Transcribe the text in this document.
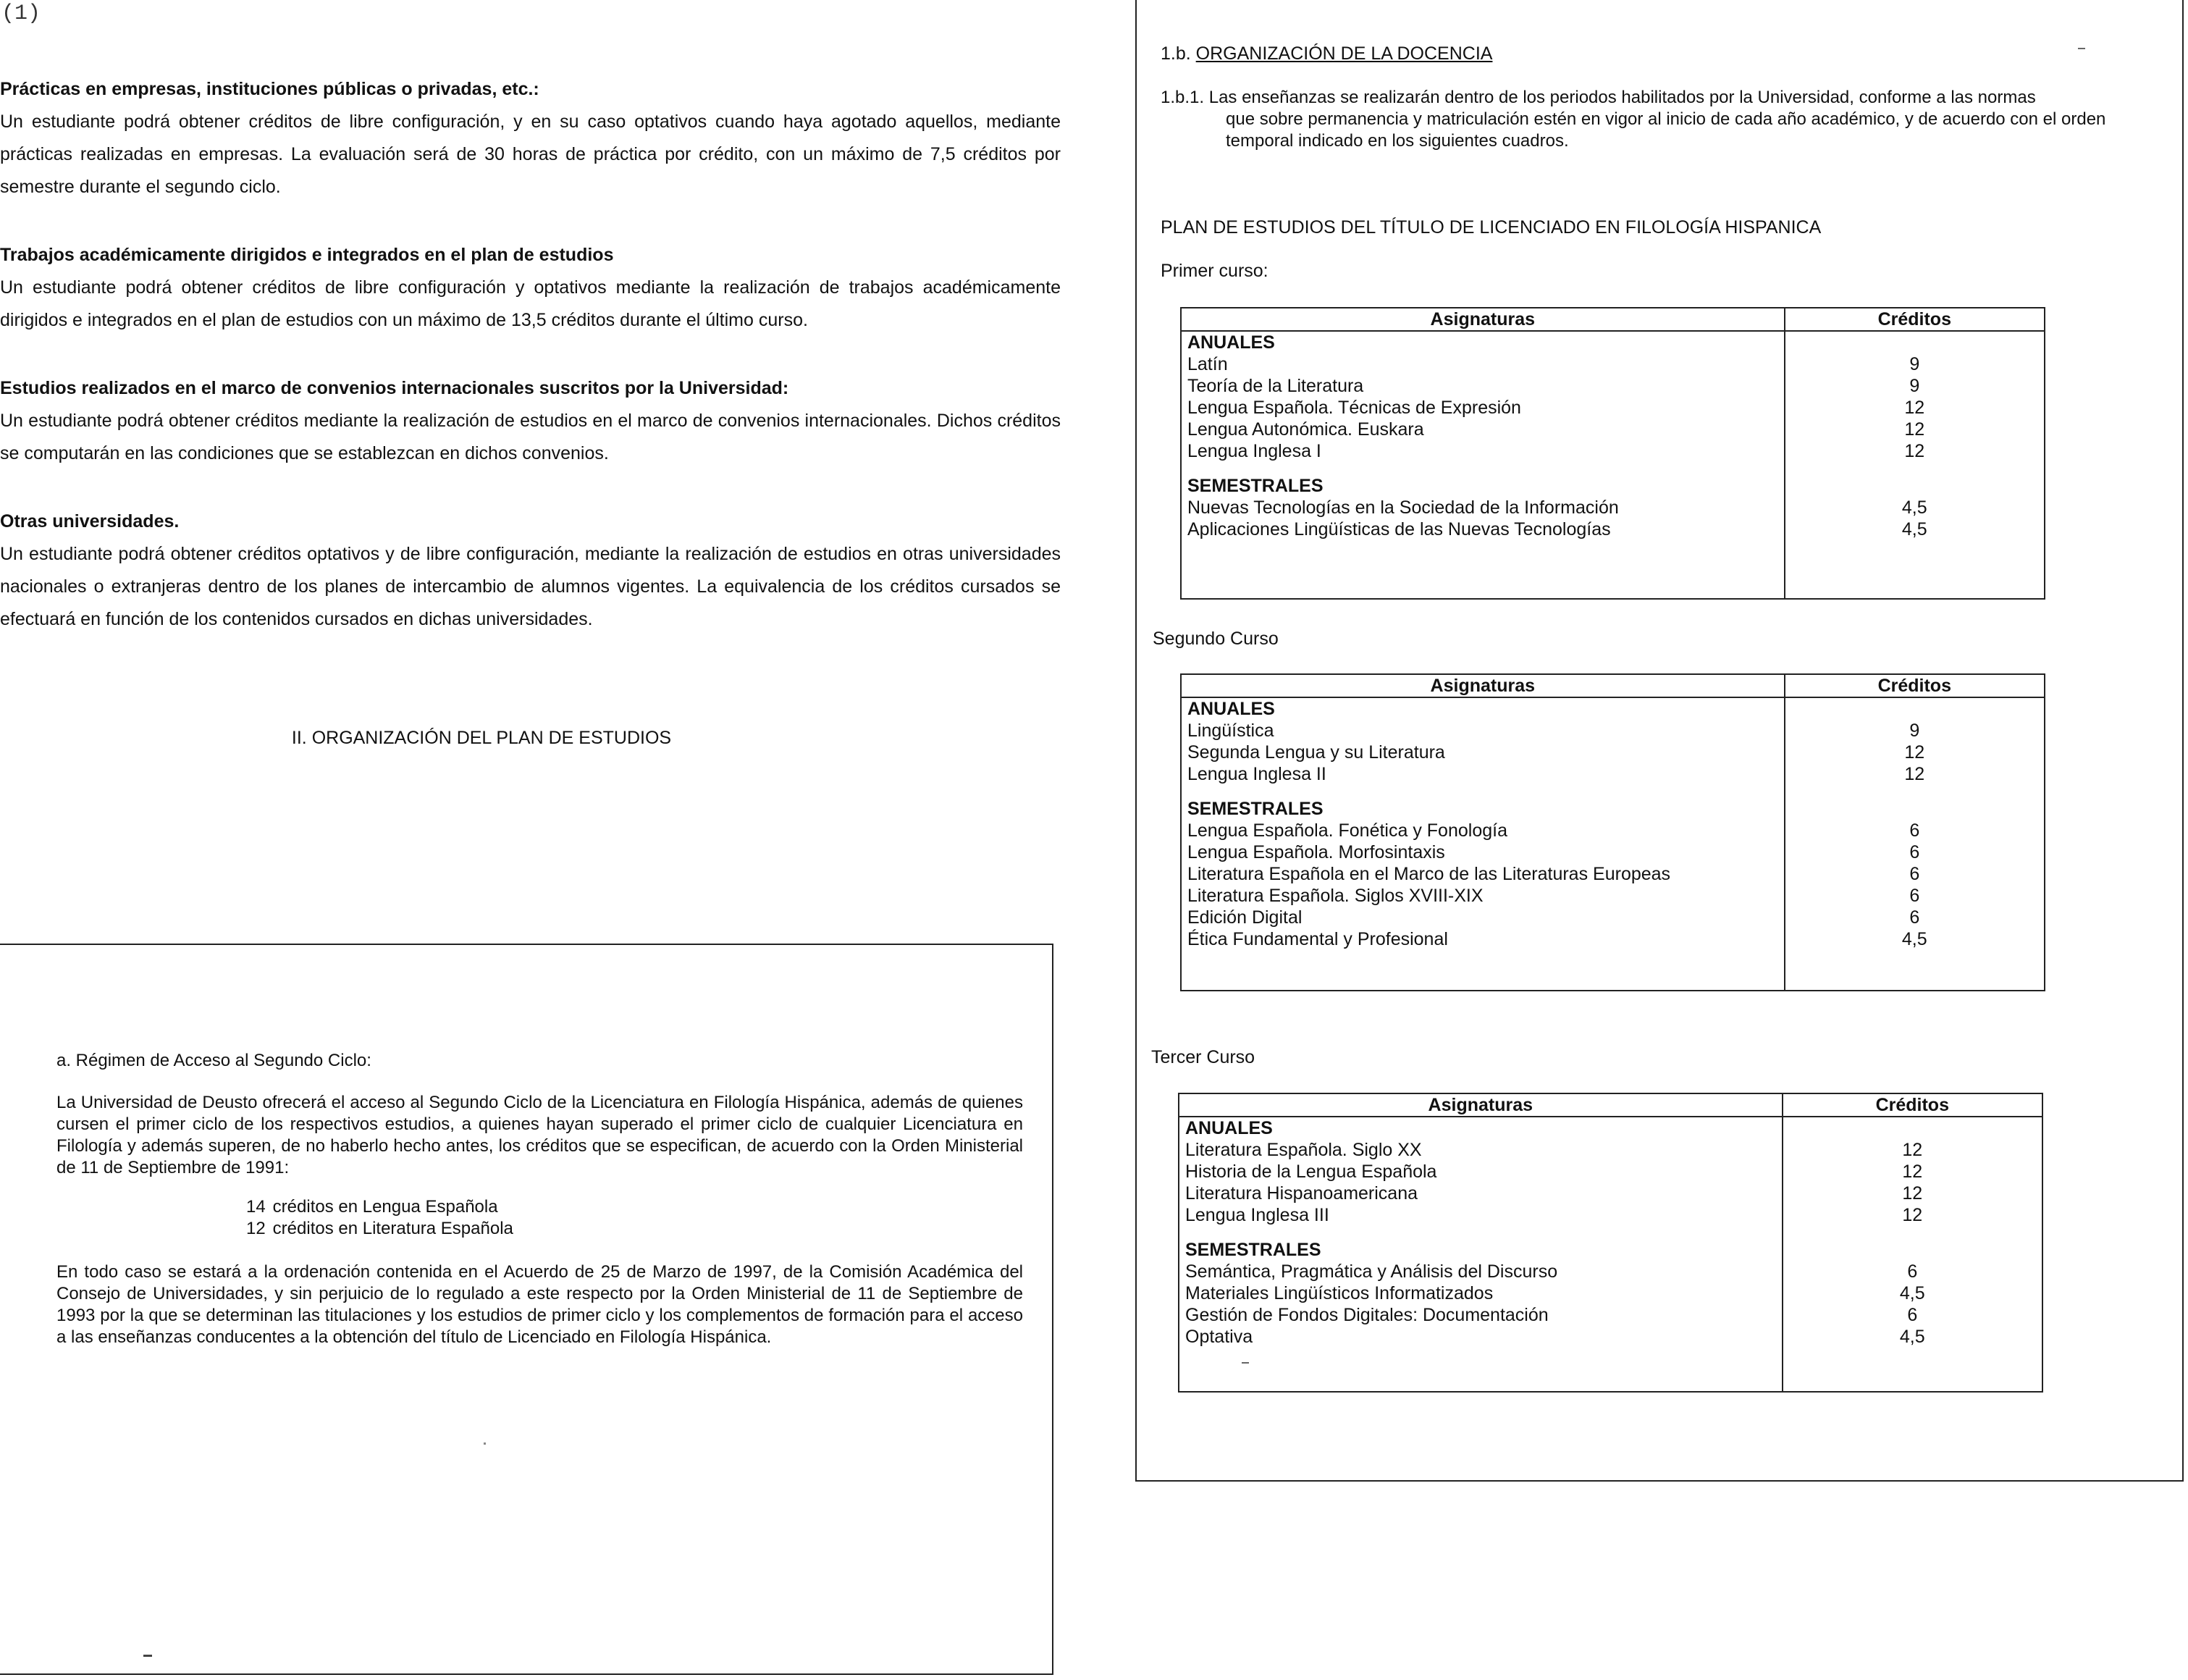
(1)

Prácticas en empresas, instituciones públicas o privadas, etc.:

Un estudiante podrá obtener créditos de libre configuración, y en su caso optativos cuando haya agotado aquellos, mediante prácticas realizadas en empresas. La evaluación será de 30 horas de práctica por crédito, con un máximo de 7,5 créditos por semestre durante el segundo ciclo.

Trabajos académicamente dirigidos e integrados en el plan de estudios

Un estudiante podrá obtener créditos de libre configuración y optativos mediante la realización de trabajos académicamente dirigidos e integrados en el plan de estudios con un máximo de 13,5 créditos durante el último curso.

Estudios realizados en el marco de convenios internacionales suscritos por la Universidad:

Un estudiante podrá obtener créditos mediante la realización de estudios en el marco de convenios internacionales. Dichos créditos se computarán en las condiciones que se establezcan en dichos convenios.

Otras universidades.

Un estudiante podrá obtener créditos optativos y de libre configuración, mediante la realización de estudios en otras universidades nacionales o extranjeras dentro de los planes de intercambio de alumnos vigentes. La equivalencia de los créditos cursados se efectuará en función de los contenidos cursados en dichas universidades.

II. ORGANIZACIÓN DEL PLAN DE ESTUDIOS

a. Régimen de Acceso al Segundo Ciclo:

La Universidad de Deusto ofrecerá el acceso al Segundo Ciclo de la Licenciatura en Filología Hispánica, además de quienes cursen el primer ciclo de los respectivos estudios, a quienes hayan superado el primer ciclo de cualquier Licenciatura en Filología y además superen, de no haberlo hecho antes, los créditos que se especifican, de acuerdo con la Orden Ministerial de 11 de Septiembre de 1991:

14 créditos en Lengua Española
12 créditos en Literatura Española

En todo caso se estará a la ordenación contenida en el Acuerdo de 25 de Marzo de 1997, de la Comisión Académica del Consejo de Universidades, y sin perjuicio de lo regulado a este respecto por la Orden Ministerial de 11 de Septiembre de 1993 por la que se determinan las titulaciones y los estudios de primer ciclo y los complementos de formación para el acceso a las enseñanzas conducentes a la obtención del título de Licenciado en Filología Hispánica.

1.b. ORGANIZACIÓN DE LA DOCENCIA
1.b.1. Las enseñanzas se realizarán dentro de los periodos habilitados por la Universidad, conforme a las normas
que sobre permanencia y matriculación estén en vigor al inicio de cada año académico, y de acuerdo con el orden temporal indicado en los siguientes cuadros.
PLAN DE ESTUDIOS DEL TÍTULO DE LICENCIADO EN FILOLOGÍA HISPANICA
Primer curso:
Asignaturas	Créditos
ANUALES	
Latín	9
Teoría de la Literatura	9
Lengua Española. Técnicas de Expresión	12
Lengua Autonómica. Euskara	12
Lengua Inglesa I	12

SEMESTRALES	
Nuevas Tecnologías en la Sociedad de la Información	4,5
Aplicaciones Lingüísticas de las Nuevas Tecnologías	4,5

Segundo Curso
Asignaturas	Créditos
ANUALES	
Lingüística	9
Segunda Lengua y su Literatura	12
Lengua Inglesa II	12

SEMESTRALES	
Lengua Española. Fonética y Fonología	6
Lengua Española. Morfosintaxis	6
Literatura Española en el Marco de las Literaturas Europeas	6
Literatura Española. Siglos XVIII-XIX	6
Edición Digital	6
Ética Fundamental y Profesional	4,5

Tercer Curso
Asignaturas	Créditos
ANUALES	
Literatura Española. Siglo XX	12
Historia de la Lengua Española	12
Literatura Hispanoamericana	12
Lengua Inglesa III	12

SEMESTRALES	
Semántica, Pragmática y Análisis del Discurso	6
Materiales Lingüísticos Informatizados	4,5
Gestión de Fondos Digitales: Documentación	6
Optativa	4,5
